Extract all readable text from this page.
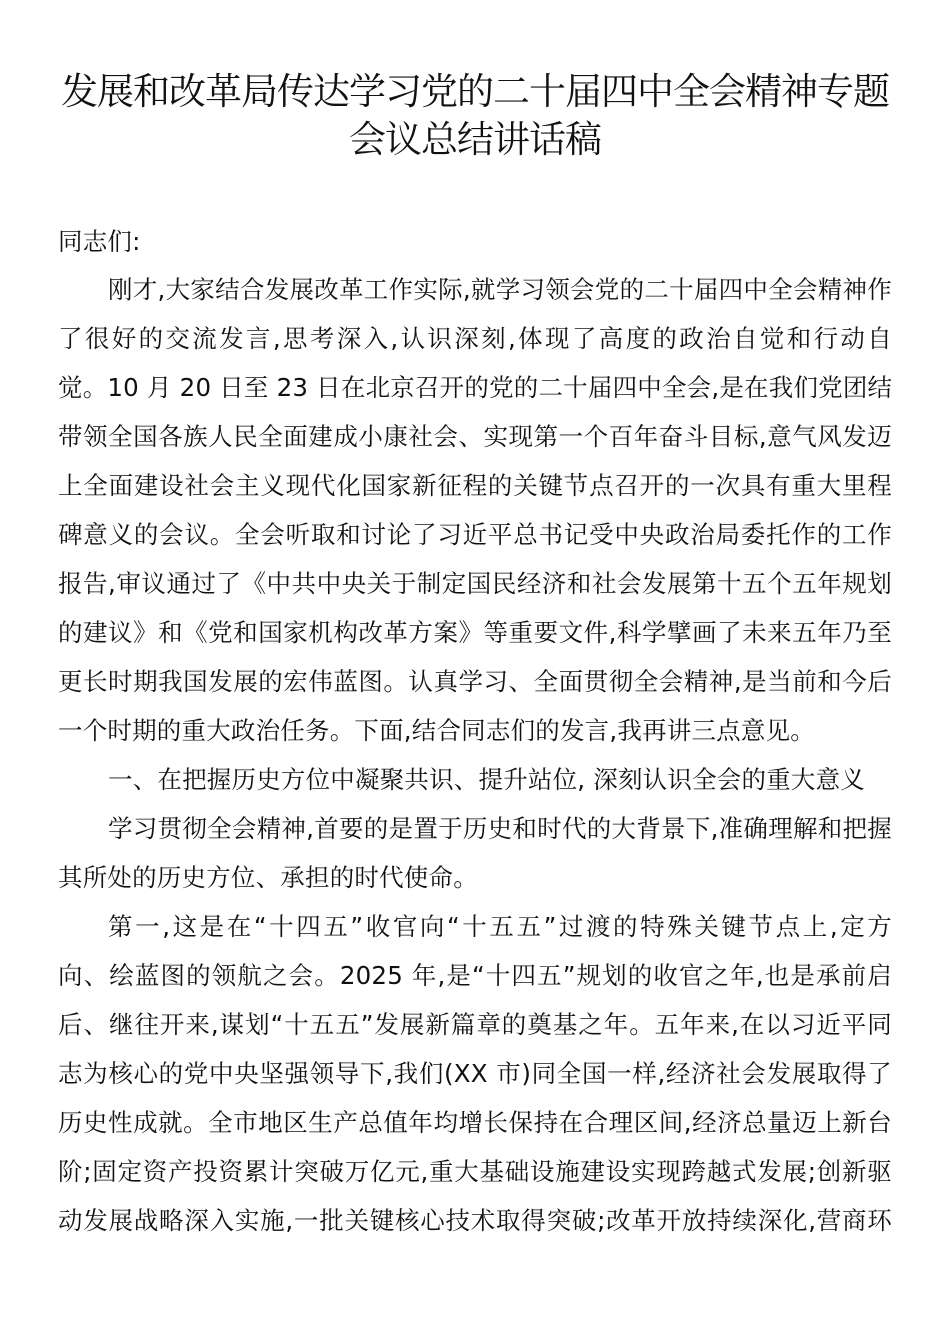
发展和改革局传达学习党的二十届四中全会精神专题
会议总结讲话稿
同志们:
刚才,大家结合发展改革工作实际,就学习领会党的二十届四中全会精神作
了很好的交流发言,思考深入,认识深刻,体现了高度的政治自觉和行动自
觉。10 月 20 日至 23 日在北京召开的党的二十届四中全会,是在我们党团结
带领全国各族人民全面建成小康社会、实现第一个百年奋斗目标,意气风发迈
上全面建设社会主义现代化国家新征程的关键节点召开的一次具有重大里程
碑意义的会议。全会听取和讨论了习近平总书记受中央政治局委托作的工作
报告,审议通过了《中共中央关于制定国民经济和社会发展第十五个五年规划
的建议》和《党和国家机构改革方案》等重要文件,科学擘画了未来五年乃至
更长时期我国发展的宏伟蓝图。认真学习、全面贯彻全会精神,是当前和今后
一个时期的重大政治任务。下面,结合同志们的发言,我再讲三点意见。
一、在把握历史方位中凝聚共识、提升站位, 深刻认识全会的重大意义
学习贯彻全会精神,首要的是置于历史和时代的大背景下,准确理解和把握
其所处的历史方位、承担的时代使命。
第一,这是在“十四五”收官向“十五五”过渡的特殊关键节点上,定方
向、绘蓝图的领航之会。2025 年,是“十四五”规划的收官之年,也是承前启
后、继往开来,谋划“十五五”发展新篇章的奠基之年。五年来,在以习近平同
志为核心的党中央坚强领导下,我们(XX 市)同全国一样,经济社会发展取得了
历史性成就。全市地区生产总值年均增长保持在合理区间,经济总量迈上新台
阶;固定资产投资累计突破万亿元,重大基础设施建设实现跨越式发展;创新驱
动发展战略深入实施,一批关键核心技术取得突破;改革开放持续深化,营商环
